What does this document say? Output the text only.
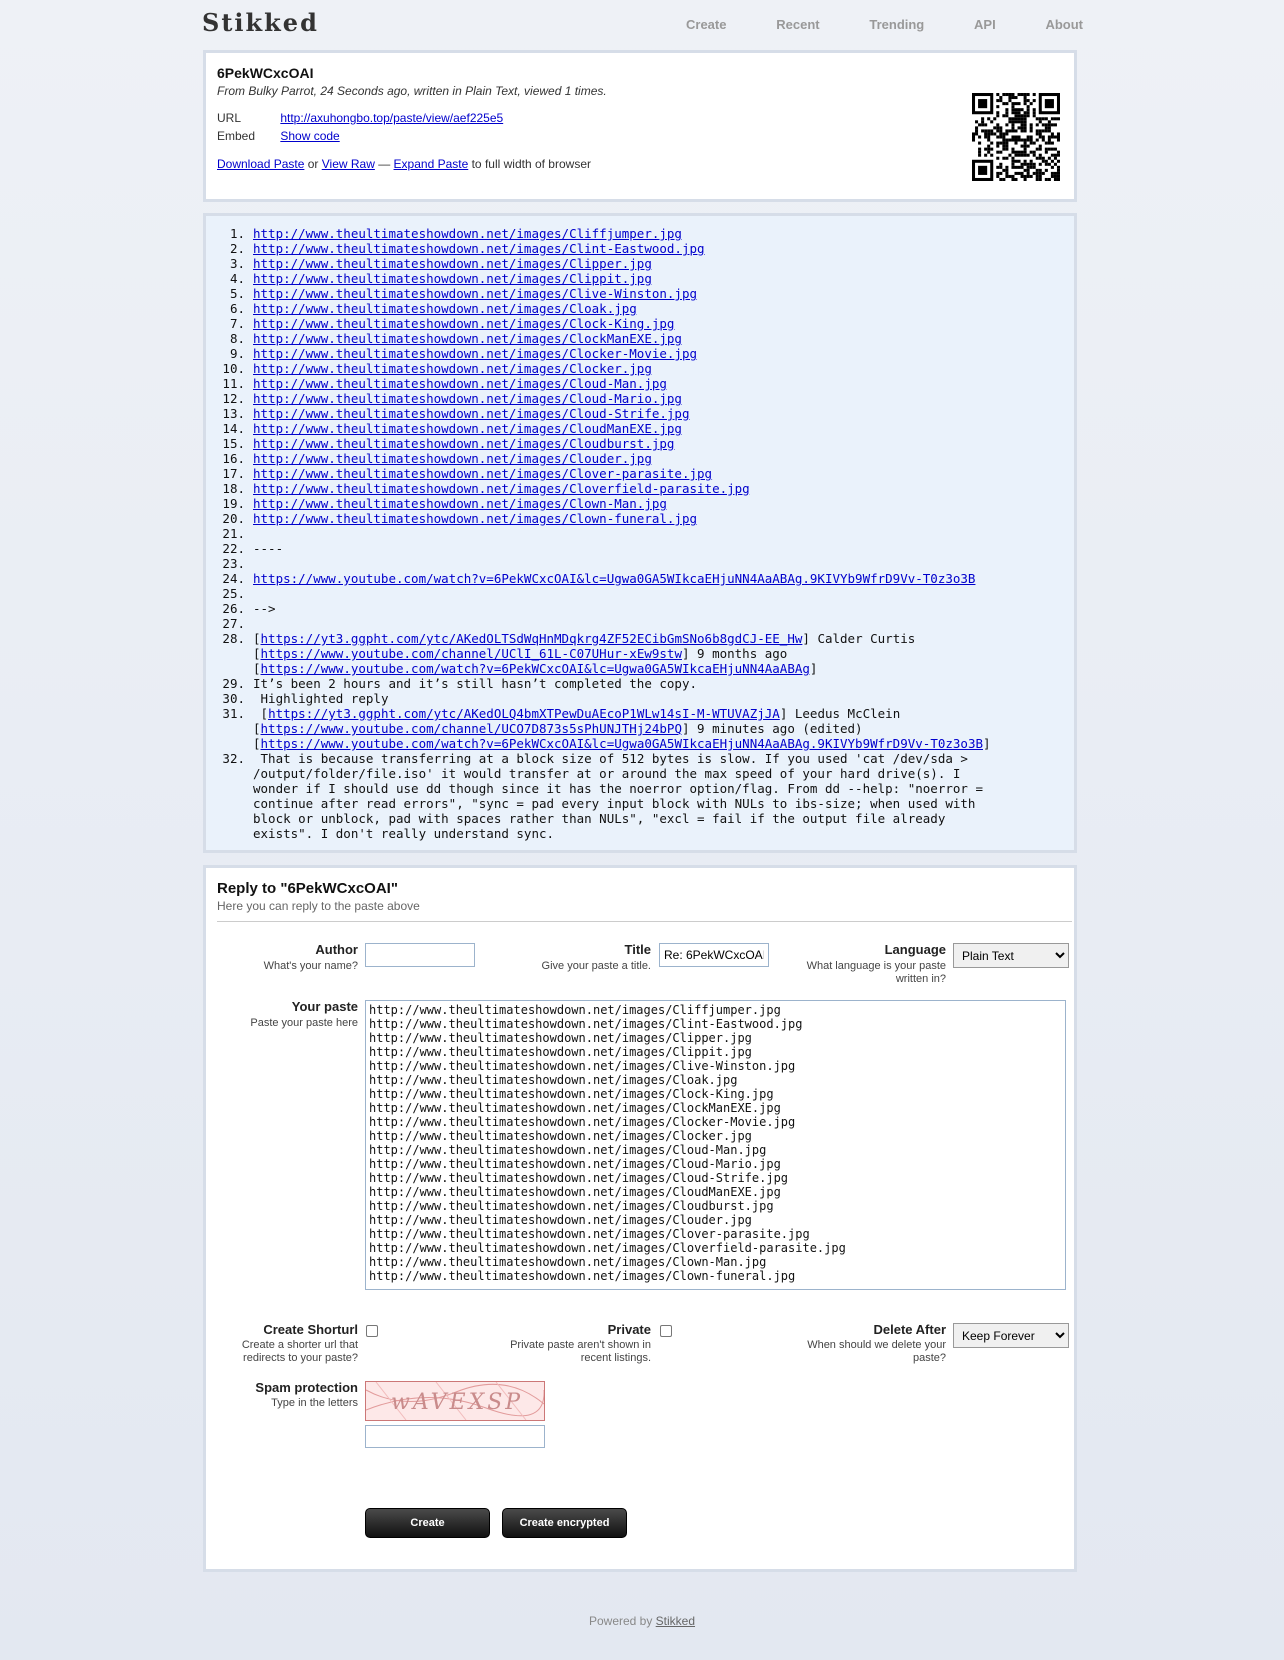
Stikked	Create	Recent	Trending	API	About
6PekWCxcOAI
From Bulky Parrot, 24 Seconds ago, written in Plain Text, viewed 1 times.
URL	http://axuhongbo.top/paste/view/aef225e5
Embed Show code
Download Paste or View Raw — Expand Paste to full width of browser
1. http://www.theultimateshowdown.net/images/Cliffjumper.jpg
2. http://www.theultimateshowdown.net/images/Clint-Eastwood.jpg
3. http://www.theultimateshowdown.net/images/Clipper.jpg
4. http://www.theultimateshowdown.net/images/Clippit.jpg
5. http://www.theultimateshowdown.net/images/Clive-Winston.jpg
6. http://www.theultimateshowdown.net/images/Cloak.jpg
7. http://www.theultimateshowdown.net/images/Clock-King.jpg
8. http://www.theultimateshowdown.net/images/ClockManEXE.jpg
9. http://www.theultimateshowdown.net/images/Clocker-Movie.jpg
10. http://www.theultimateshowdown.net/images/Clocker.jpg
11. http://www.theultimateshowdown.net/images/Cloud-Man.jpg
12. http://www.theultimateshowdown.net/images/Cloud-Mario.jpg
13. http://www.theultimateshowdown.net/images/Cloud-Strife.jpg
14. http://www.theultimateshowdown.net/images/CloudManEXE.jpg
15. http://www.theultimateshowdown.net/images/Cloudburst.jpg
16. http://www.theultimateshowdown.net/images/Clouder.jpg
17. http://www.theultimateshowdown.net/images/Clover-parasite.jpg
18. http://www.theultimateshowdown.net/images/Cloverfield-parasite.jpg
19. http://www.theultimateshowdown.net/images/Clown-Man.jpg
20. http://www.theultimateshowdown.net/images/Clown-funeral.jpg
21.
22. ----
23.
24. https://www.youtube.com/watch?v=6PekWCxcOAI&lc=Ugwa0GA5WIkcaEHjuNN4AaABAg.9KIVYb9WfrD9Vv-T0z3o3B
25.
26. -->
27.
28. [https://yt3.ggpht.com/ytc/AKedOLTSdWqHnMDqkrg4ZF52ECibGmSNo6b8gdCJ-EE_Hw] Calder Curtis
[https://www.youtube.com/channel/UClI_61L-C07UHur-xEw9stw] 9 months ago
[https://www.youtube.com/watch?v=6PekWCxcOAI&lc=Ugwa0GA5WIkcaEHjuNN4AaABAg]
29. It’s been 2 hours and it’s still hasn’t completed the copy.
30. Highlighted reply
31. [https://yt3.ggpht.com/ytc/AKedOLQ4bmXTPewDuAEcoP1WLw14sI-M-WTUVAZjJA] Leedus McClein
[https://www.youtube.com/channel/UCO7D873s5sPhUNJTHj24bPQ] 9 minutes ago (edited)
[https://www.youtube.com/watch?v=6PekWCxcOAI&lc=Ugwa0GA5WIkcaEHjuNN4AaABAg.9KIVYb9WfrD9Vv-T0z3o3B]
32.	That is because transferring at a block size of 512 bytes is slow. If you used 'cat /dev/sda >
/output/folder/file.iso' it would transfer at or around the max speed of your hard drive(s). I
wonder if I should use dd though since it has the noerror option/flag. From dd --help: "noerror =
continue after read errors", "sync = pad every input block with NULs to ibs-size; when used with
block or unblock, pad with spaces rather than NULs", "excl = fail if the output file already
exists". I don't really understand sync.
Reply to "6PekWCxcOAI"
Here you can reply to the paste above
Author
What's your name?
Title
Give your paste a title.
Re: 6PekWCxcOAI
Language
What language is your paste written in?
Plain Text
Your paste
Paste your paste here
http://www.theultimateshowdown.net/images/Cliffjumper.jpg http://www.theultimateshowdown.net/images/Clint-Eastwood.jpg http://www.theultimateshowdown.net/images/Clipper.jpg http://www.theultimateshowdown.net/images/Clippit.jpg http://www.theultimateshowdown.net/images/Clive-Winston.jpg http://www.theultimateshowdown.net/images/Cloak.jpg http://www.theultimateshowdown.net/images/Clock-King.jpg http://www.theultimateshowdown.net/images/ClockManEXE.jpg http://www.theultimateshowdown.net/images/Clocker-Movie.jpg http://www.theultimateshowdown.net/images/Clocker.jpg http://www.theultimateshowdown.net/images/Cloud-Man.jpg http://www.theultimateshowdown.net/images/Cloud-Mario.jpg http://www.theultimateshowdown.net/images/Cloud-Strife.jpg http://www.theultimateshowdown.net/images/CloudManEXE.jpg http://www.theultimateshowdown.net/images/Cloudburst.jpg http://www.theultimateshowdown.net/images/Clouder.jpg http://www.theultimateshowdown.net/images/Clover-parasite.jpg http://www.theultimateshowdown.net/images/Cloverfield-parasite.jpg http://www.theultimateshowdown.net/images/Clown-Man.jpg http://www.theultimateshowdown.net/images/Clown-funeral.jpg
Create Shorturl
Create a shorter url that redirects to your paste?
Private
Private paste aren't shown in recent listings.
Delete After
When should we delete your paste?
Keep Forever
Spam protection
Type in the letters wAVEXSP
Create	Create encrypted
Powered by Stikked
